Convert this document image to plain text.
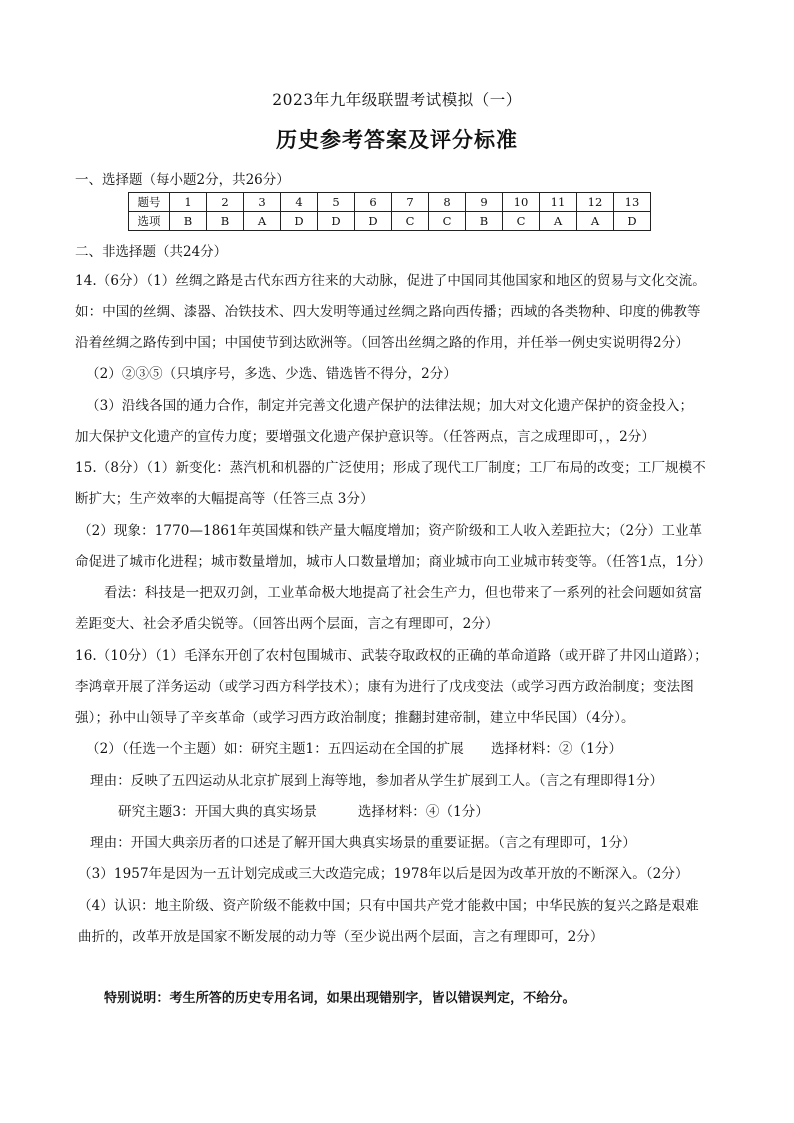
2023年九年级联盟考试模拟（一）
历史参考答案及评分标准
一、选择题（每小题2分，共26分）
题号	1	2	3	4	5	6	7	8	9	10	11	12	13
选项	B	B	A	D	D	D	C	C	B	C	A	A	D
二、非选择题（共24分）
14.（6分）（1）丝绸之路是古代东西方往来的大动脉，促进了中国同其他国家和地区的贸易与文化交流。
如：中国的丝绸、漆器、冶铁技术、四大发明等通过丝绸之路向西传播；西域的各类物种、印度的佛教等
沿着丝绸之路传到中国；中国使节到达欧洲等。（回答出丝绸之路的作用，并任举一例史实说明得2分）
（2）②③⑤（只填序号，多选、少选、错选皆不得分，2分）
（3）沿线各国的通力合作，制定并完善文化遗产保护的法律法规；加大对文化遗产保护的资金投入；
加大保护文化遗产的宣传力度；要增强文化遗产保护意识等。（任答两点，言之成理即可，，2分）
15.（8分）（1）新变化：蒸汽机和机器的广泛使用；形成了现代工厂制度；工厂布局的改变；工厂规模不
断扩大；生产效率的大幅提高等（任答三点 3分）
（2）现象：1770—1861年英国煤和铁产量大幅度增加；资产阶级和工人收入差距拉大；（2分）工业革
命促进了城市化进程；城市数量增加，城市人口数量增加；商业城市向工业城市转变等。（任答1点，1分）
看法：科技是一把双刃剑，工业革命极大地提高了社会生产力，但也带来了一系列的社会问题如贫富
差距变大、社会矛盾尖锐等。（回答出两个层面，言之有理即可，2分）
16.（10分）（1）毛泽东开创了农村包围城市、武装夺取政权的正确的革命道路（或开辟了井冈山道路）；
李鸿章开展了洋务运动（或学习西方科学技术）；康有为进行了戊戌变法（或学习西方政治制度；变法图
强）；孙中山领导了辛亥革命（或学习西方政治制度；推翻封建帝制，建立中华民国）（4分）。
（2）（任选一个主题）如：研究主题1：五四运动在全国的扩展　　选择材料：②（1分）
理由：反映了五四运动从北京扩展到上海等地，参加者从学生扩展到工人。（言之有理即得1分）
研究主题3：开国大典的真实场景　　　选择材料：④（1分）
理由：开国大典亲历者的口述是了解开国大典真实场景的重要证据。（言之有理即可，1分）
（3）1957年是因为一五计划完成或三大改造完成；1978年以后是因为改革开放的不断深入。（2分）
（4）认识：地主阶级、资产阶级不能救中国；只有中国共产党才能救中国；中华民族的复兴之路是艰难
曲折的，改革开放是国家不断发展的动力等（至少说出两个层面，言之有理即可，2分）
特别说明：考生所答的历史专用名词，如果出现错别字，皆以错误判定，不给分。
